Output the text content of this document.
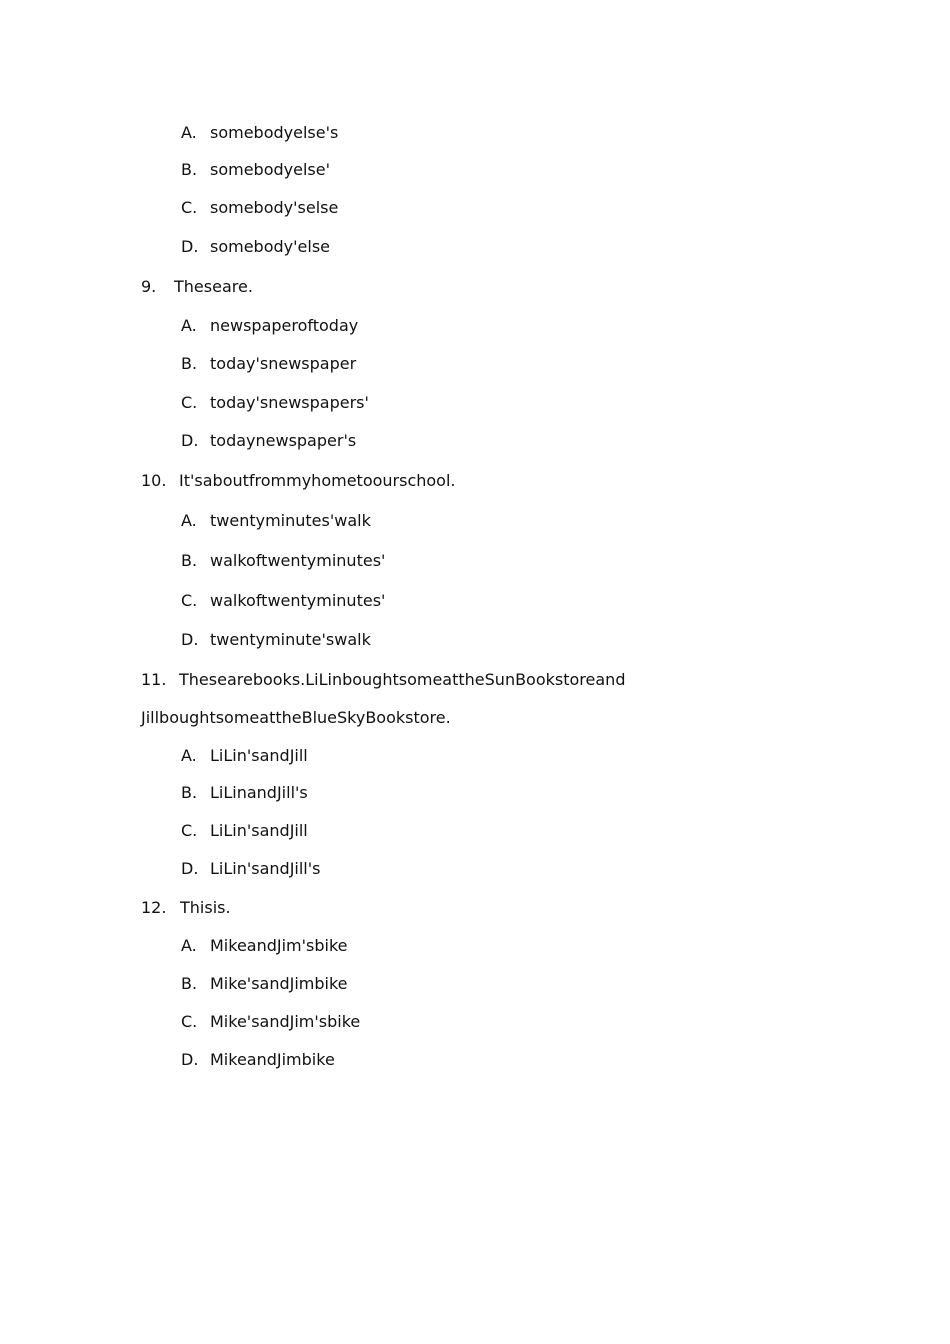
A. somebodyelse's
B. somebodyelse'
C. somebody'selse
D. somebody'else
9. Theseare.
A. newspaperoftoday
B. today'snewspaper
C. today'snewspapers'
D. todaynewspaper's
10. It'saboutfrommyhometoourschool.
A. twentyminutes'walk
B. walkoftwentyminutes'
C. walkoftwentyminutes'
D. twentyminute'swalk
11. Thesearebooks.LiLinboughtsomeattheSunBookstoreand
JillboughtsomeattheBlueSkyBookstore.
A. LiLin'sandJill
B. LiLinandJill's
C. LiLin'sandJill
D. LiLin'sandJill's
12. Thisis.
A. MikeandJim'sbike
B. Mike'sandJimbike
C. Mike'sandJim'sbike
D. MikeandJimbike
